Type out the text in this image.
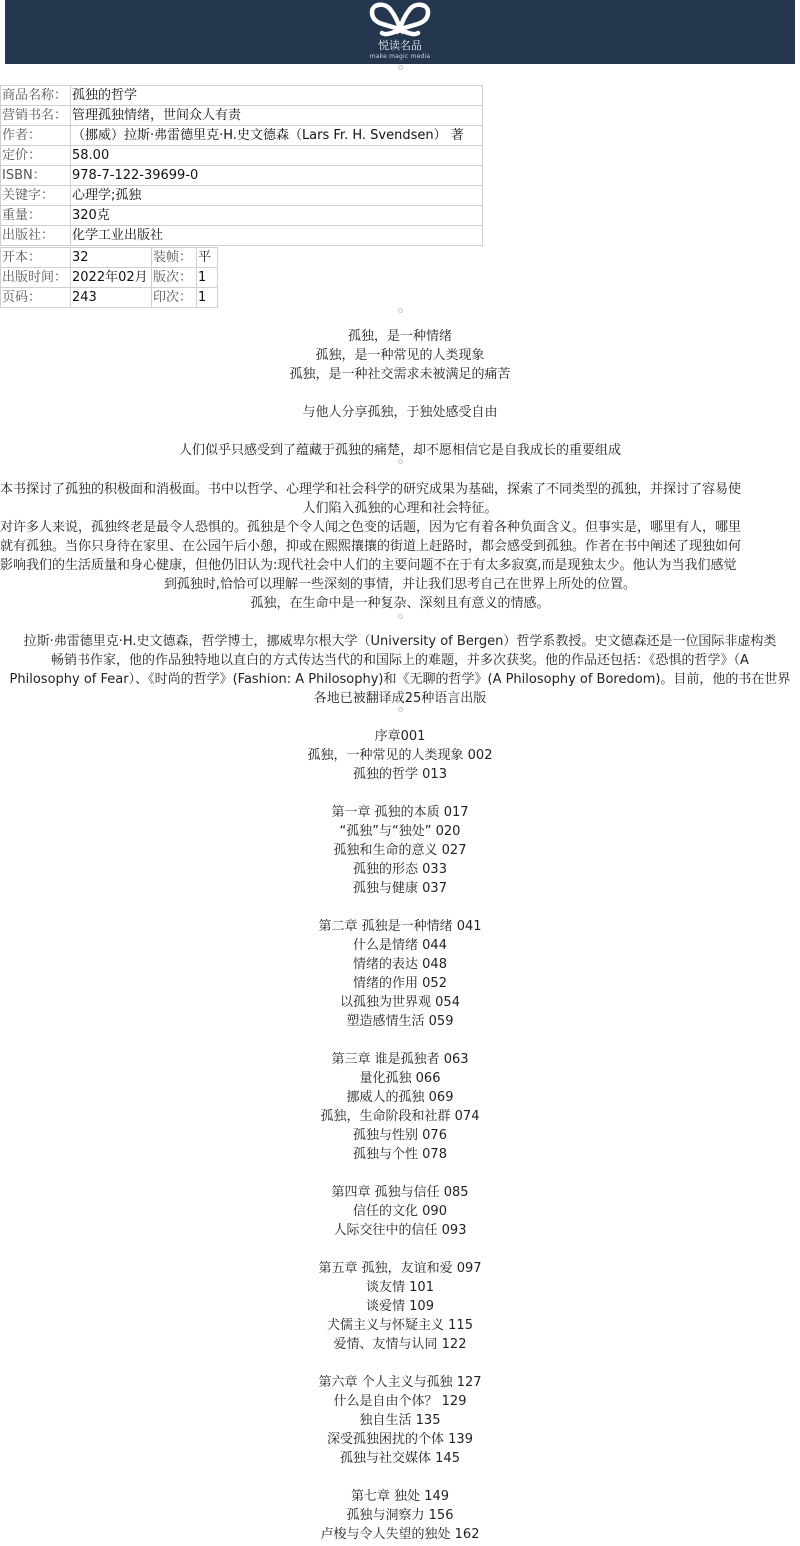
悦读名品
make magic media
商品名称：	孤独的哲学
营销书名：	管理孤独情绪，世间众人有责
作者：	（挪威）拉斯·弗雷德里克·H.史文德森（Lars Fr. H. Svendsen） 著
定价：	58.00
ISBN：	978-7-122-39699-0
关键字：	心理学;孤独
重量：	320克
出版社：	化学工业出版社
开本：	32	装帧：	平
出版时间：	2022年02月	版次：	1
页码：	243	印次：	1
孤独，是一种情绪
孤独，是一种常见的人类现象
孤独，是一种社交需求未被满足的痛苦
与他人分享孤独，于独处感受自由
人们似乎只感受到了蕴藏于孤独的痛楚，却不愿相信它是自我成长的重要组成
本书探讨了孤独的积极面和消极面。书中以哲学、心理学和社会科学的研究成果为基础，探索了不同类型的孤独，并探讨了容易使
人们陷入孤独的心理和社会特征。
对许多人来说，孤独终老是最令人恐惧的。孤独是个令人闻之色变的话题，因为它有着各种负面含义。但事实是，哪里有人，哪里
就有孤独。当你只身待在家里、在公园午后小憩，抑或在熙熙攘攘的街道上赶路时，都会感受到孤独。作者在书中阐述了现独如何
影响我们的生活质量和身心健康，但他仍旧认为:现代社会中人们的主要问题不在于有太多寂寞,而是现独太少。他认为当我们感觉
到孤独时,恰恰可以理解一些深刻的事情，并让我们思考自己在世界上所处的位置。
孤独，在生命中是一种复杂、深刻且有意义的情感。
拉斯·弗雷德里克·H.史文德森，哲学博士，挪威卑尔根大学（University of Bergen）哲学系教授。史文德森还是一位国际非虚构类
畅销书作家，他的作品独特地以直白的方式传达当代的和国际上的难题，并多次获奖。他的作品还包括：《恐惧的哲学》（A
Philosophy of Fear）、《时尚的哲学》(Fashion: A Philosophy)和《无聊的哲学》(A Philosophy of Boredom)。目前，他的书在世界
各地已被翻译成25种语言出版
序章001
孤独，一种常见的人类现象 002
孤独的哲学 013
第一章 孤独的本质 017
“孤独”与“独处” 020
孤独和生命的意义 027
孤独的形态 033
孤独与健康 037
第二章 孤独是一种情绪 041
什么是情绪 044
情绪的表达 048
情绪的作用 052
以孤独为世界观 054
塑造感情生活 059
第三章 谁是孤独者 063
量化孤独 066
挪威人的孤独 069
孤独，生命阶段和社群 074
孤独与性别 076
孤独与个性 078
第四章 孤独与信任 085
信任的文化 090
人际交往中的信任 093
第五章 孤独，友谊和爱 097
谈友情 101
谈爱情 109
犬儒主义与怀疑主义 115
爱情、友情与认同 122
第六章 个人主义与孤独 127
什么是自由个体？ 129
独自生活 135
深受孤独困扰的个体 139
孤独与社交媒体 145
第七章 独处 149
孤独与洞察力 156
卢梭与令人失望的独处 162
